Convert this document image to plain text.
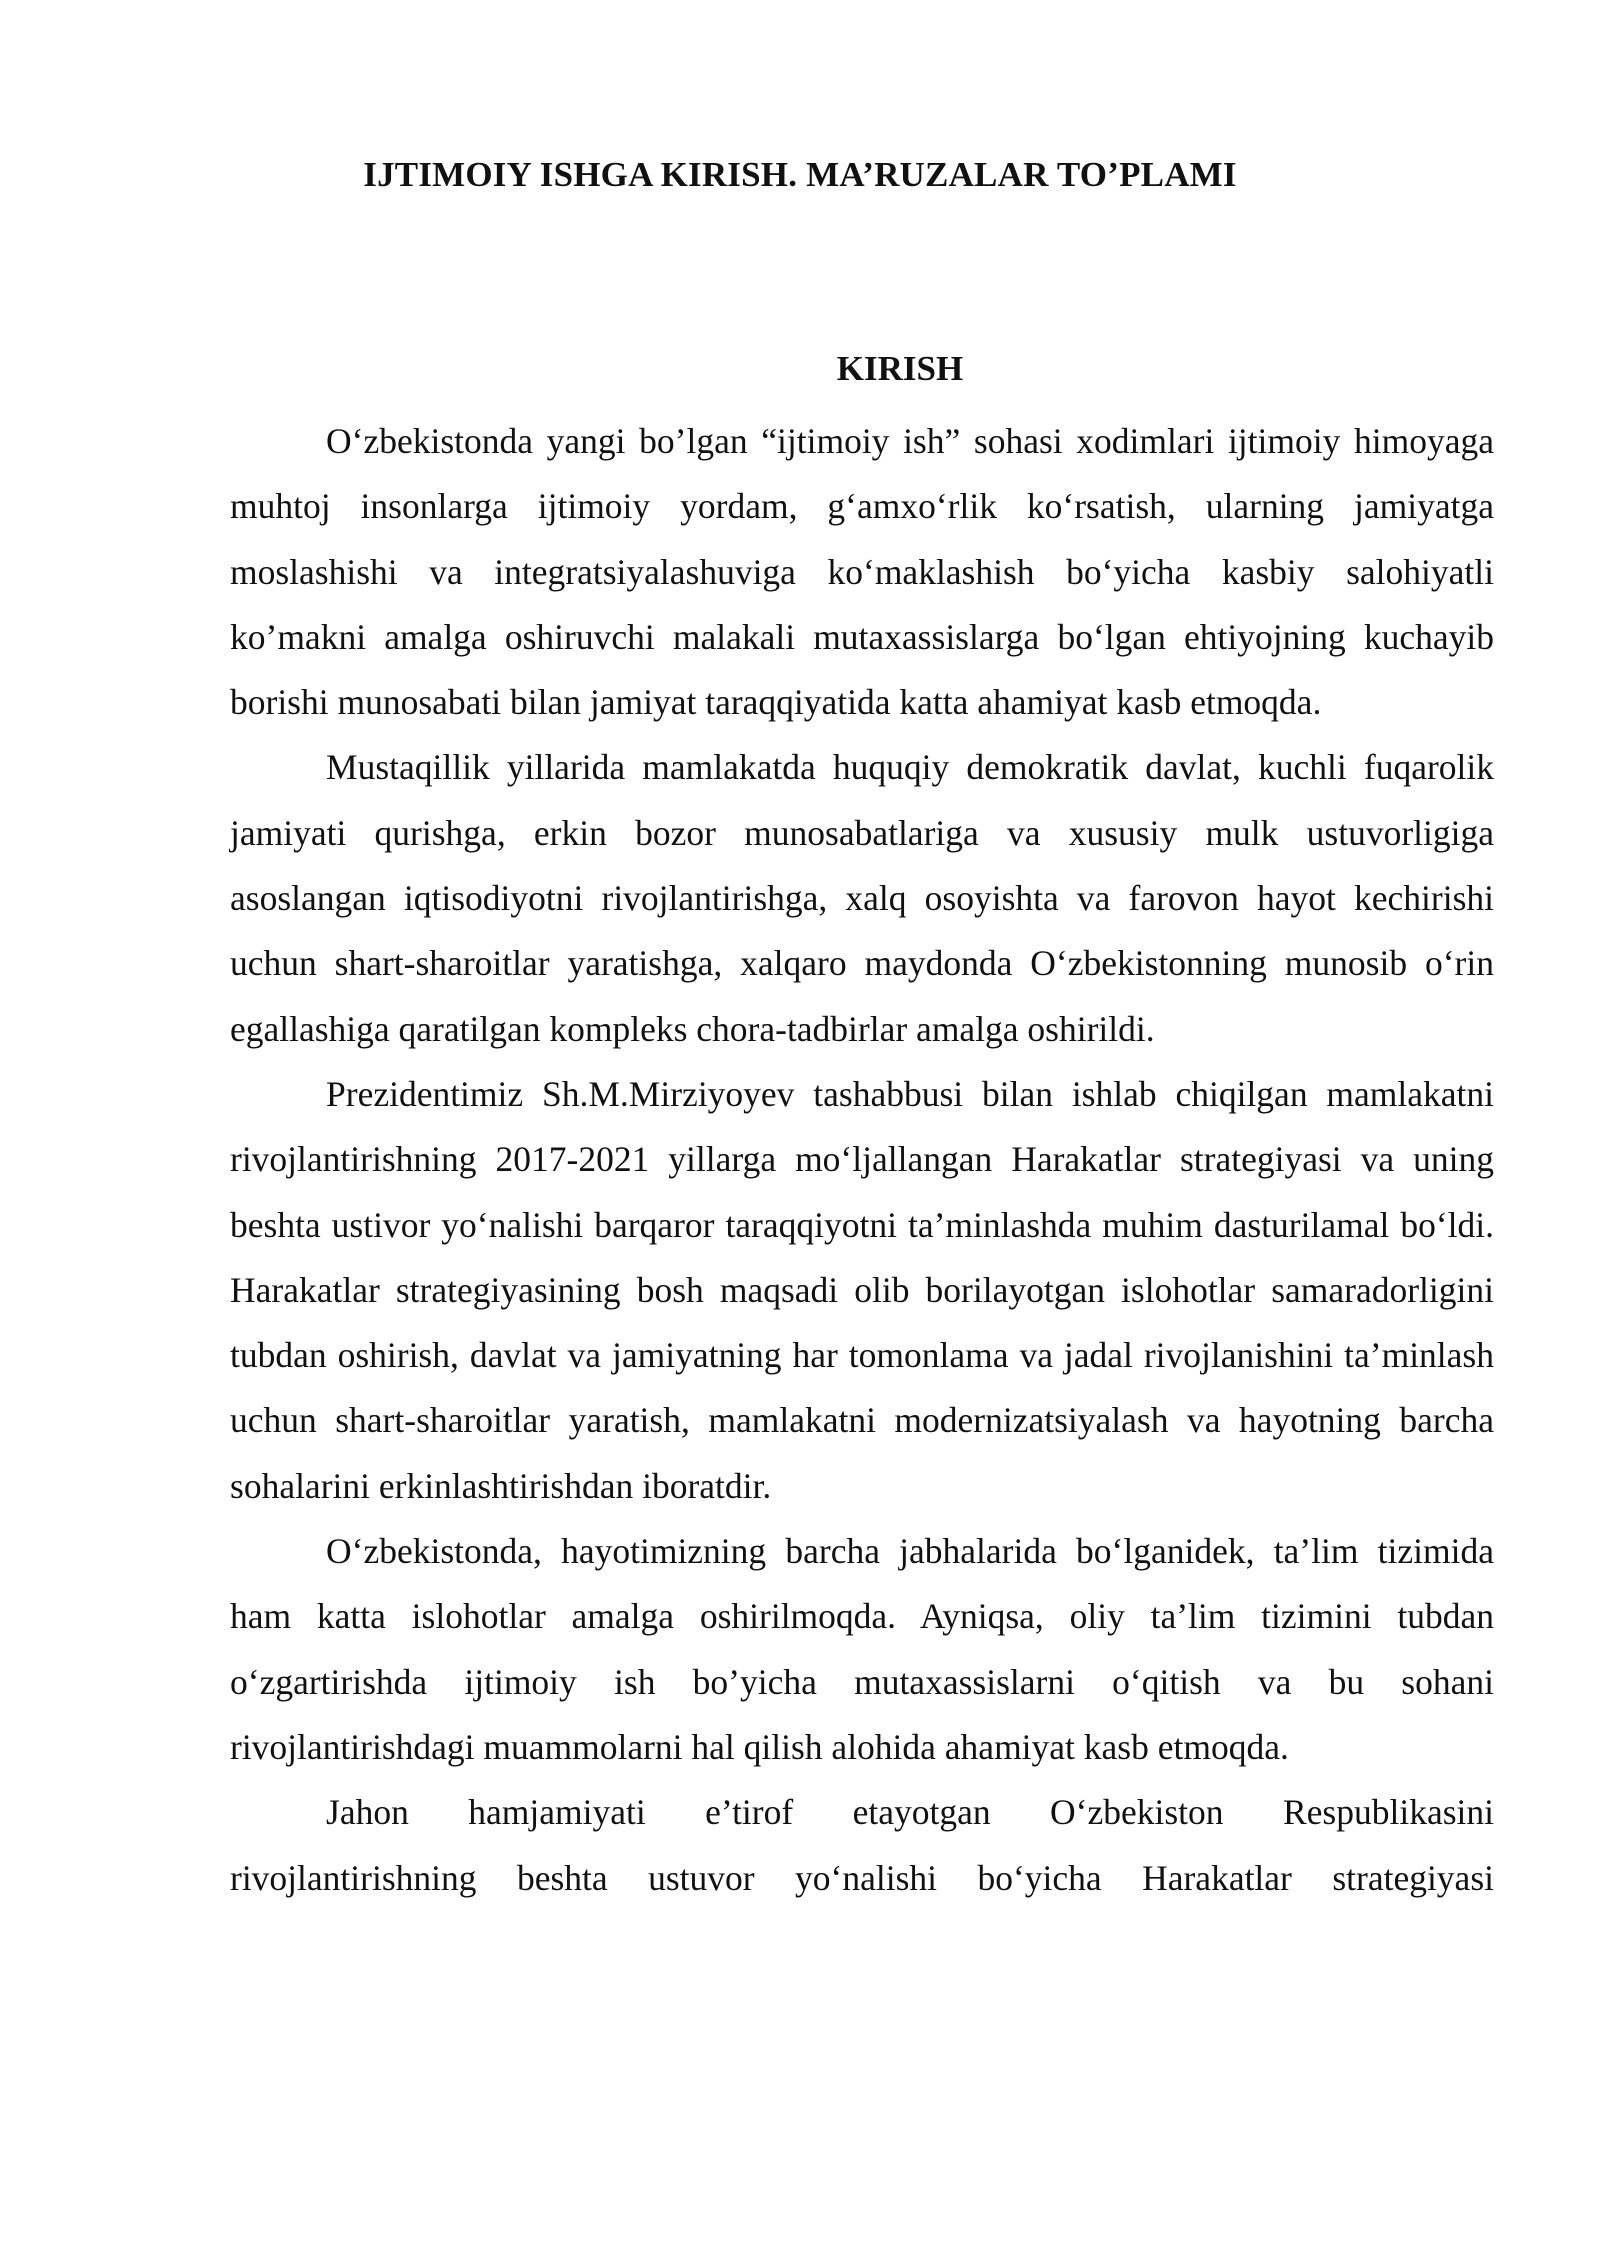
IJTIMOIY ISHGA KIRISH. MA’RUZALAR TO’PLAMI
KIRISH

O‘zbekistonda yangi bo’lgan “ijtimoiy ish” sohasi xodimlari ijtimoiy himoyaga muhtoj insonlarga ijtimoiy yordam, g‘amxo‘rlik ko‘rsatish, ularning jamiyatga moslashishi va integratsiyalashuviga ko‘maklashish bo‘yicha kasbiy salohiyatli ko’makni amalga oshiruvchi malakali mutaxassislarga bo‘lgan ehtiyojning kuchayib borishi munosabati bilan jamiyat taraqqiyatida katta ahamiyat kasb etmoqda.

Mustaqillik yillarida mamlakatda huquqiy demokratik davlat, kuchli fuqarolik jamiyati qurishga, erkin bozor munosabatlariga va xususiy mulk ustuvorligiga asoslangan iqtisodiyotni rivojlantirishga, xalq osoyishta va farovon hayot kechirishi uchun shart-sharoitlar yaratishga, xalqaro maydonda O‘zbekistonning munosib o‘rin egallashiga qaratilgan kompleks chora-tadbirlar amalga oshirildi.

Prezidentimiz Sh.M.Mirziyoyev tashabbusi bilan ishlab chiqilgan mamlakatni rivojlantirishning 2017-2021 yillarga mo‘ljallangan Harakatlar strategiyasi va uning beshta ustivor yo‘nalishi barqaror taraqqiyotni ta’minlashda muhim dasturilamal bo‘ldi. Harakatlar strategiyasining bosh maqsadi olib borilayotgan islohotlar samaradorligini tubdan oshirish, davlat va jamiyatning har tomonlama va jadal rivojlanishini ta’minlash uchun shart-sharoitlar yaratish, mamlakatni modernizatsiyalash va hayotning barcha sohalarini erkinlashtirishdan iboratdir.

O‘zbekistonda, hayotimizning barcha jabhalarida bo‘lganidek, ta’lim tizimida ham katta islohotlar amalga oshirilmoqda. Ayniqsa, oliy ta’lim tizimini tubdan o‘zgartirishda ijtimoiy ish bo’yicha mutaxassislarni o‘qitish va bu sohani rivojlantirishdagi muammolarni hal qilish alohida ahamiyat kasb etmoqda.

Jahon hamjamiyati e’tirof etayotgan O‘zbekiston Respublikasini rivojlantirishning beshta ustuvor yo‘nalishi bo‘yicha Harakatlar strategiyasi
